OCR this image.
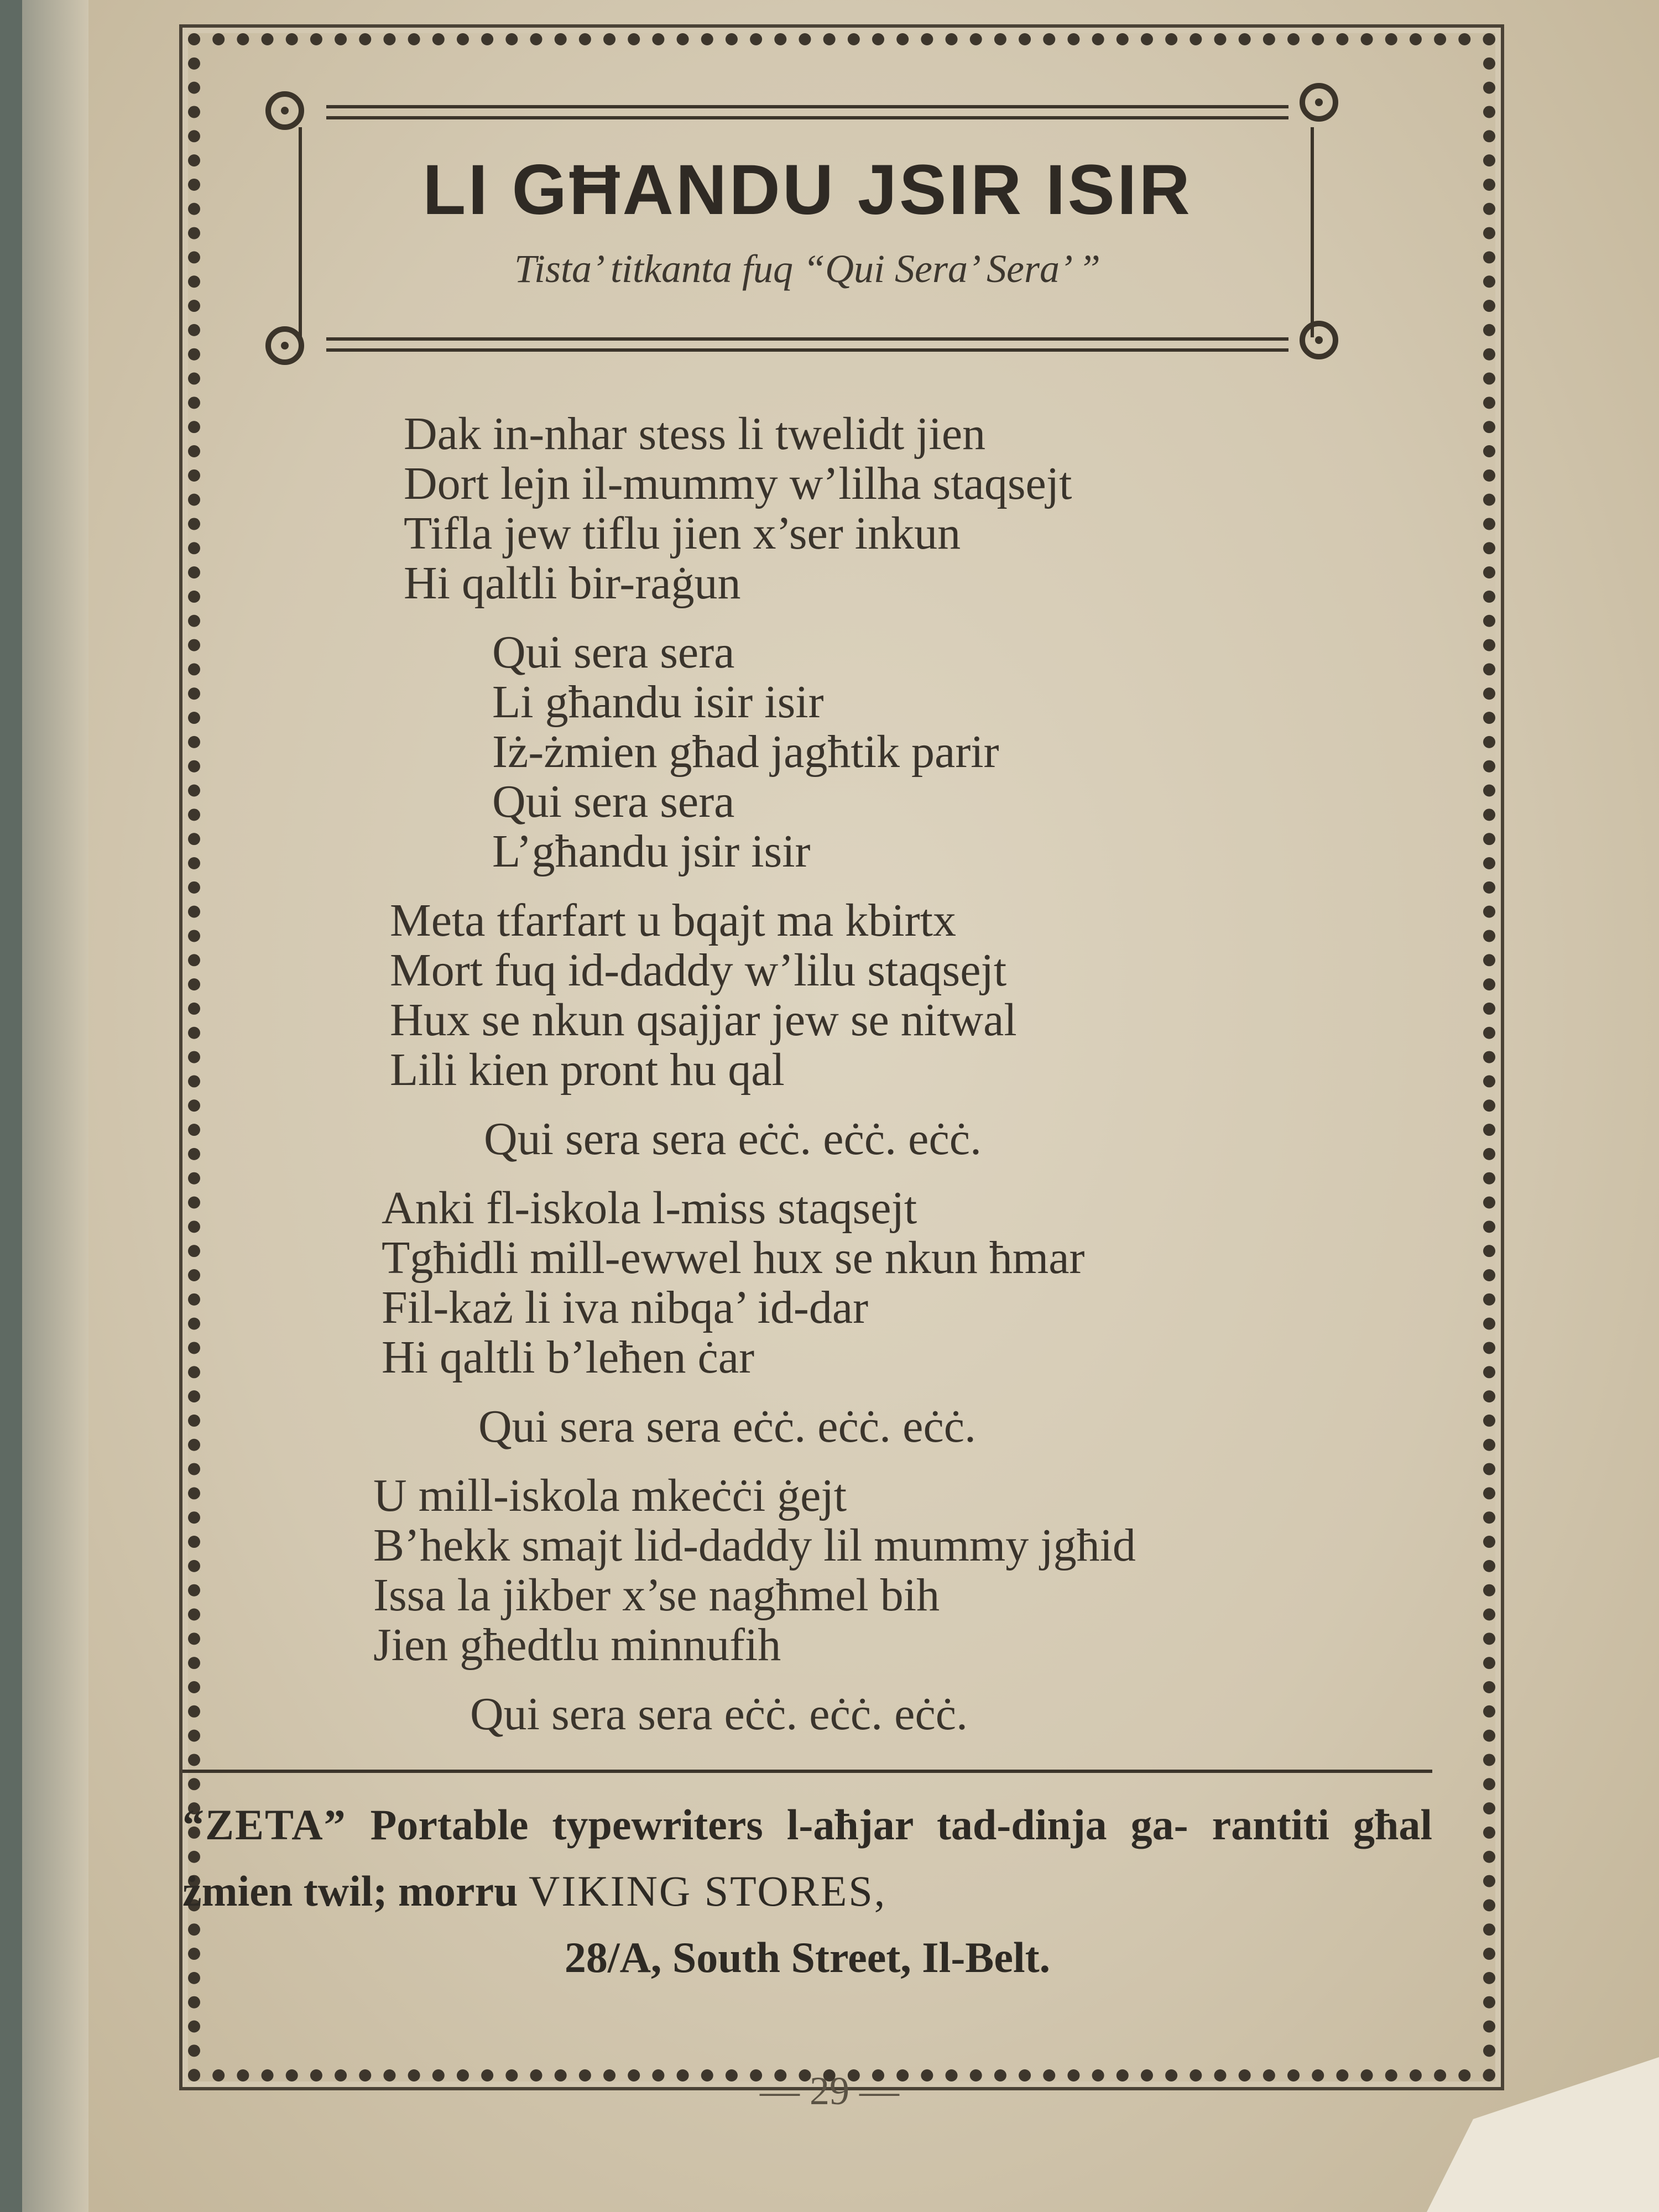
LI GĦANDU JSIR ISIR

Tista’ titkanta fuq “Qui Sera’ Sera’ ”

Dak in-nhar stess li twelidt jien
Dort lejn il-mummy w’lilha staqsejt
Tifla jew tiflu jien x’ser inkun
Hi qaltli bir-raġun
Qui sera sera
Li għandu isir isir
Iż-żmien għad jagħtik parir
Qui sera sera
L’għandu jsir isir
Meta tfarfart u bqajt ma kbirtx
Mort fuq id-daddy w’lilu staqsejt
Hux se nkun qsajjar jew se nitwal
Lili kien pront hu qal
Qui sera sera eċċ. eċċ. eċċ.
Anki fl-iskola l-miss staqsejt
Tgħidli mill-ewwel hux se nkun ħmar
Fil-każ li iva nibqa’ id-dar
Hi qaltli b’leħen ċar
Qui sera sera eċċ. eċċ. eċċ.
U mill-iskola mkeċċi ġejt
B’hekk smajt lid-daddy lil mummy jgħid
Issa la jikber x’se nagħmel bih
Jien għedtlu minnufih
Qui sera sera eċċ. eċċ. eċċ.
“ZETA” Portable typewriters l-aħjar tad-dinja ga- rantiti għal żmien twil; morru VIKING STORES,
28/A, South Street, Il-Belt.
— 29 —
